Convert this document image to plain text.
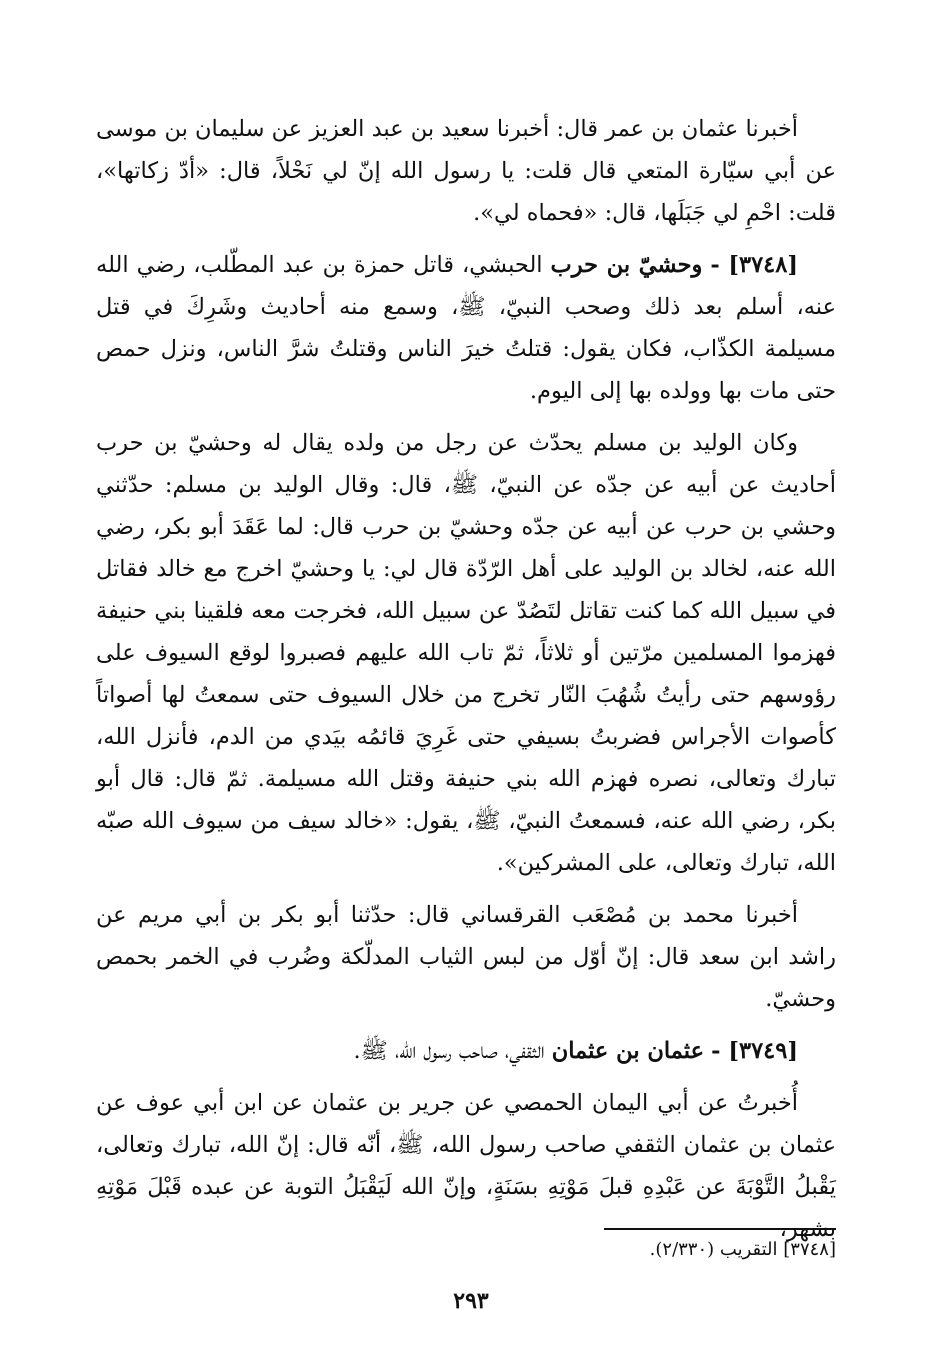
أخبرنا عثمان بن عمر قال: أخبرنا سعيد بن عبد العزيز عن سليمان بن موسى عن أبي سيّارة المتعي قال قلت: يا رسول الله إنّ لي نَحْلاً، قال: «أدّ زكاتها»، قلت: احْمِ لي جَبَلَها، قال: «فحماه لي».

[٣٧٤٨] - وحشيّ بن حرب الحبشي، قاتل حمزة بن عبد المطّلب، رضي الله عنه، أسلم بعد ذلك وصحب النبيّ، ﷺ، وسمع منه أحاديث وشَرِكَ في قتل مسيلمة الكذّاب، فكان يقول: قتلتُ خيرَ الناس وقتلتُ شرَّ الناس، ونزل حمص حتى مات بها وولده بها إلى اليوم.

وكان الوليد بن مسلم يحدّث عن رجل من ولده يقال له وحشيّ بن حرب أحاديث عن أبيه عن جدّه عن النبيّ، ﷺ، قال: وقال الوليد بن مسلم: حدّثني وحشي بن حرب عن أبيه عن جدّه وحشيّ بن حرب قال: لما عَقَدَ أبو بكر، رضي الله عنه، لخالد بن الوليد على أهل الرّدّة قال لي: يا وحشيّ اخرج مع خالد فقاتل في سبيل الله كما كنت تقاتل لتَصُدّ عن سبيل الله، فخرجت معه فلقينا بني حنيفة فهزموا المسلمين مرّتين أو ثلاثاً، ثمّ تاب الله عليهم فصبروا لوقع السيوف على رؤوسهم حتى رأيتُ شُهُبَ النّار تخرج من خلال السيوف حتى سمعتُ لها أصواتاً كأصوات الأجراس فضربتُ بسيفي حتى غَرِيَ قائمُه بيَدي من الدم، فأنزل الله، تبارك وتعالى، نصره فهزم الله بني حنيفة وقتل الله مسيلمة. ثمّ قال: قال أبو بكر، رضي الله عنه، فسمعتُ النبيّ، ﷺ، يقول: «خالد سيف من سيوف الله صبّه الله، تبارك وتعالى، على المشركين».

أخبرنا محمد بن مُصْعَب القرقساني قال: حدّثنا أبو بكر بن أبي مريم عن راشد ابن سعد قال: إنّ أوّل من لبس الثياب المدلّكة وضُرب في الخمر بحمص وحشيّ.

[٣٧٤٩] - عثمان بن عثمان الثقفي، صاحب رسول الله، ﷺ.

أُخبرتُ عن أبي اليمان الحمصي عن جرير بن عثمان عن ابن أبي عوف عن عثمان بن عثمان الثقفي صاحب رسول الله، ﷺ، أنّه قال: إنّ الله، تبارك وتعالى، يَقْبلُ التَّوْبَةَ عن عَبْدِهِ قبلَ مَوْتِهِ بسَنَةٍ، وإنّ الله لَيَقْبَلُ التوبة عن عبده قَبْلَ مَوْتِهِ بشهر،

[٣٧٤٨] التقريب (٢/٣٣٠).
٢٩٣
